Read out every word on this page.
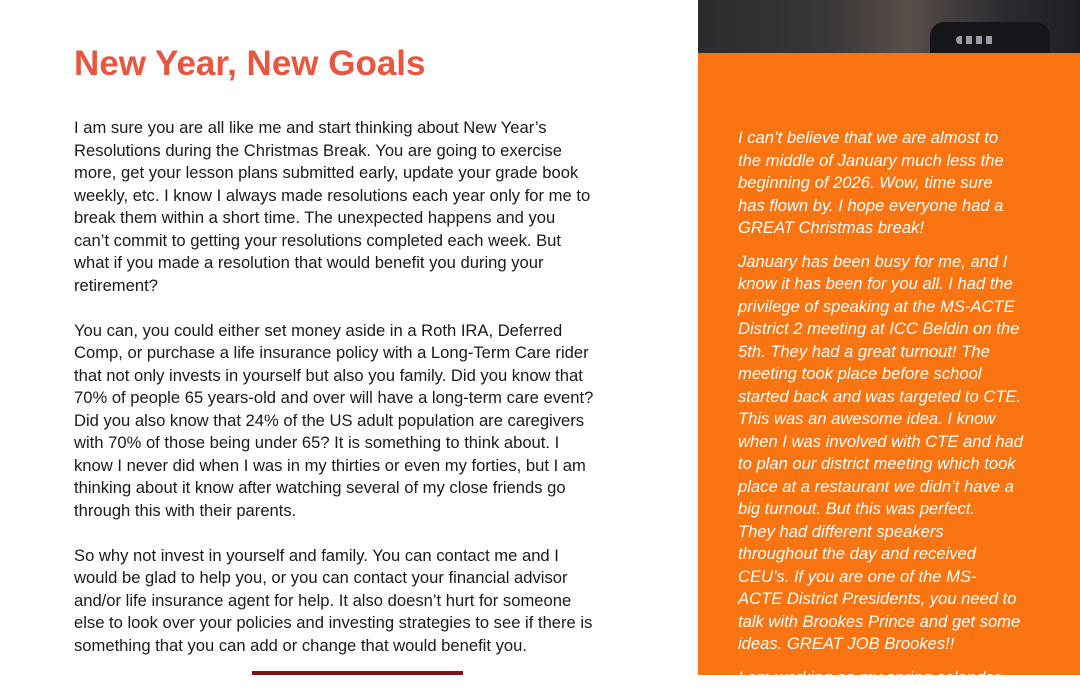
New Year, New Goals

I am sure you are all like me and start thinking about New Year’s
Resolutions during the Christmas Break. You are going to exercise
more, get your lesson plans submitted early, update your grade book
weekly, etc. I know I always made resolutions each year only for me to
break them within a short time. The unexpected happens and you
can’t commit to getting your resolutions completed each week. But
what if you made a resolution that would benefit you during your
retirement?

You can, you could either set money aside in a Roth IRA, Deferred
Comp, or purchase a life insurance policy with a Long-Term Care rider
that not only invests in yourself but also you family. Did you know that
70% of people 65 years-old and over will have a long-term care event?
Did you also know that 24% of the US adult population are caregivers
with 70% of those being under 65? It is something to think about. I
know I never did when I was in my thirties or even my forties, but I am
thinking about it know after watching several of my close friends go
through this with their parents.

So why not invest in yourself and family. You can contact me and I
would be glad to help you, or you can contact your financial advisor
and/or life insurance agent for help. It also doesn’t hurt for someone
else to look over your policies and investing strategies to see if there is
something that you can add or change that would benefit you.

I can’t believe that we are almost to
the middle of January much less the
beginning of 2026. Wow, time sure
has flown by. I hope everyone had a
GREAT Christmas break!

January has been busy for me, and I
know it has been for you all. I had the
privilege of speaking at the MS-ACTE
District 2 meeting at ICC Beldin on the
5th. They had a great turnout! The
meeting took place before school
started back and was targeted to CTE.
This was an awesome idea. I know
when I was involved with CTE and had
to plan our district meeting which took
place at a restaurant we didn’t have a
big turnout. But this was perfect.
They had different speakers
throughout the day and received
CEU’s. If you are one of the MS-
ACTE District Presidents, you need to
talk with Brookes Prince and get some
ideas. GREAT JOB Brookes!!

I am working on my spring calendar
